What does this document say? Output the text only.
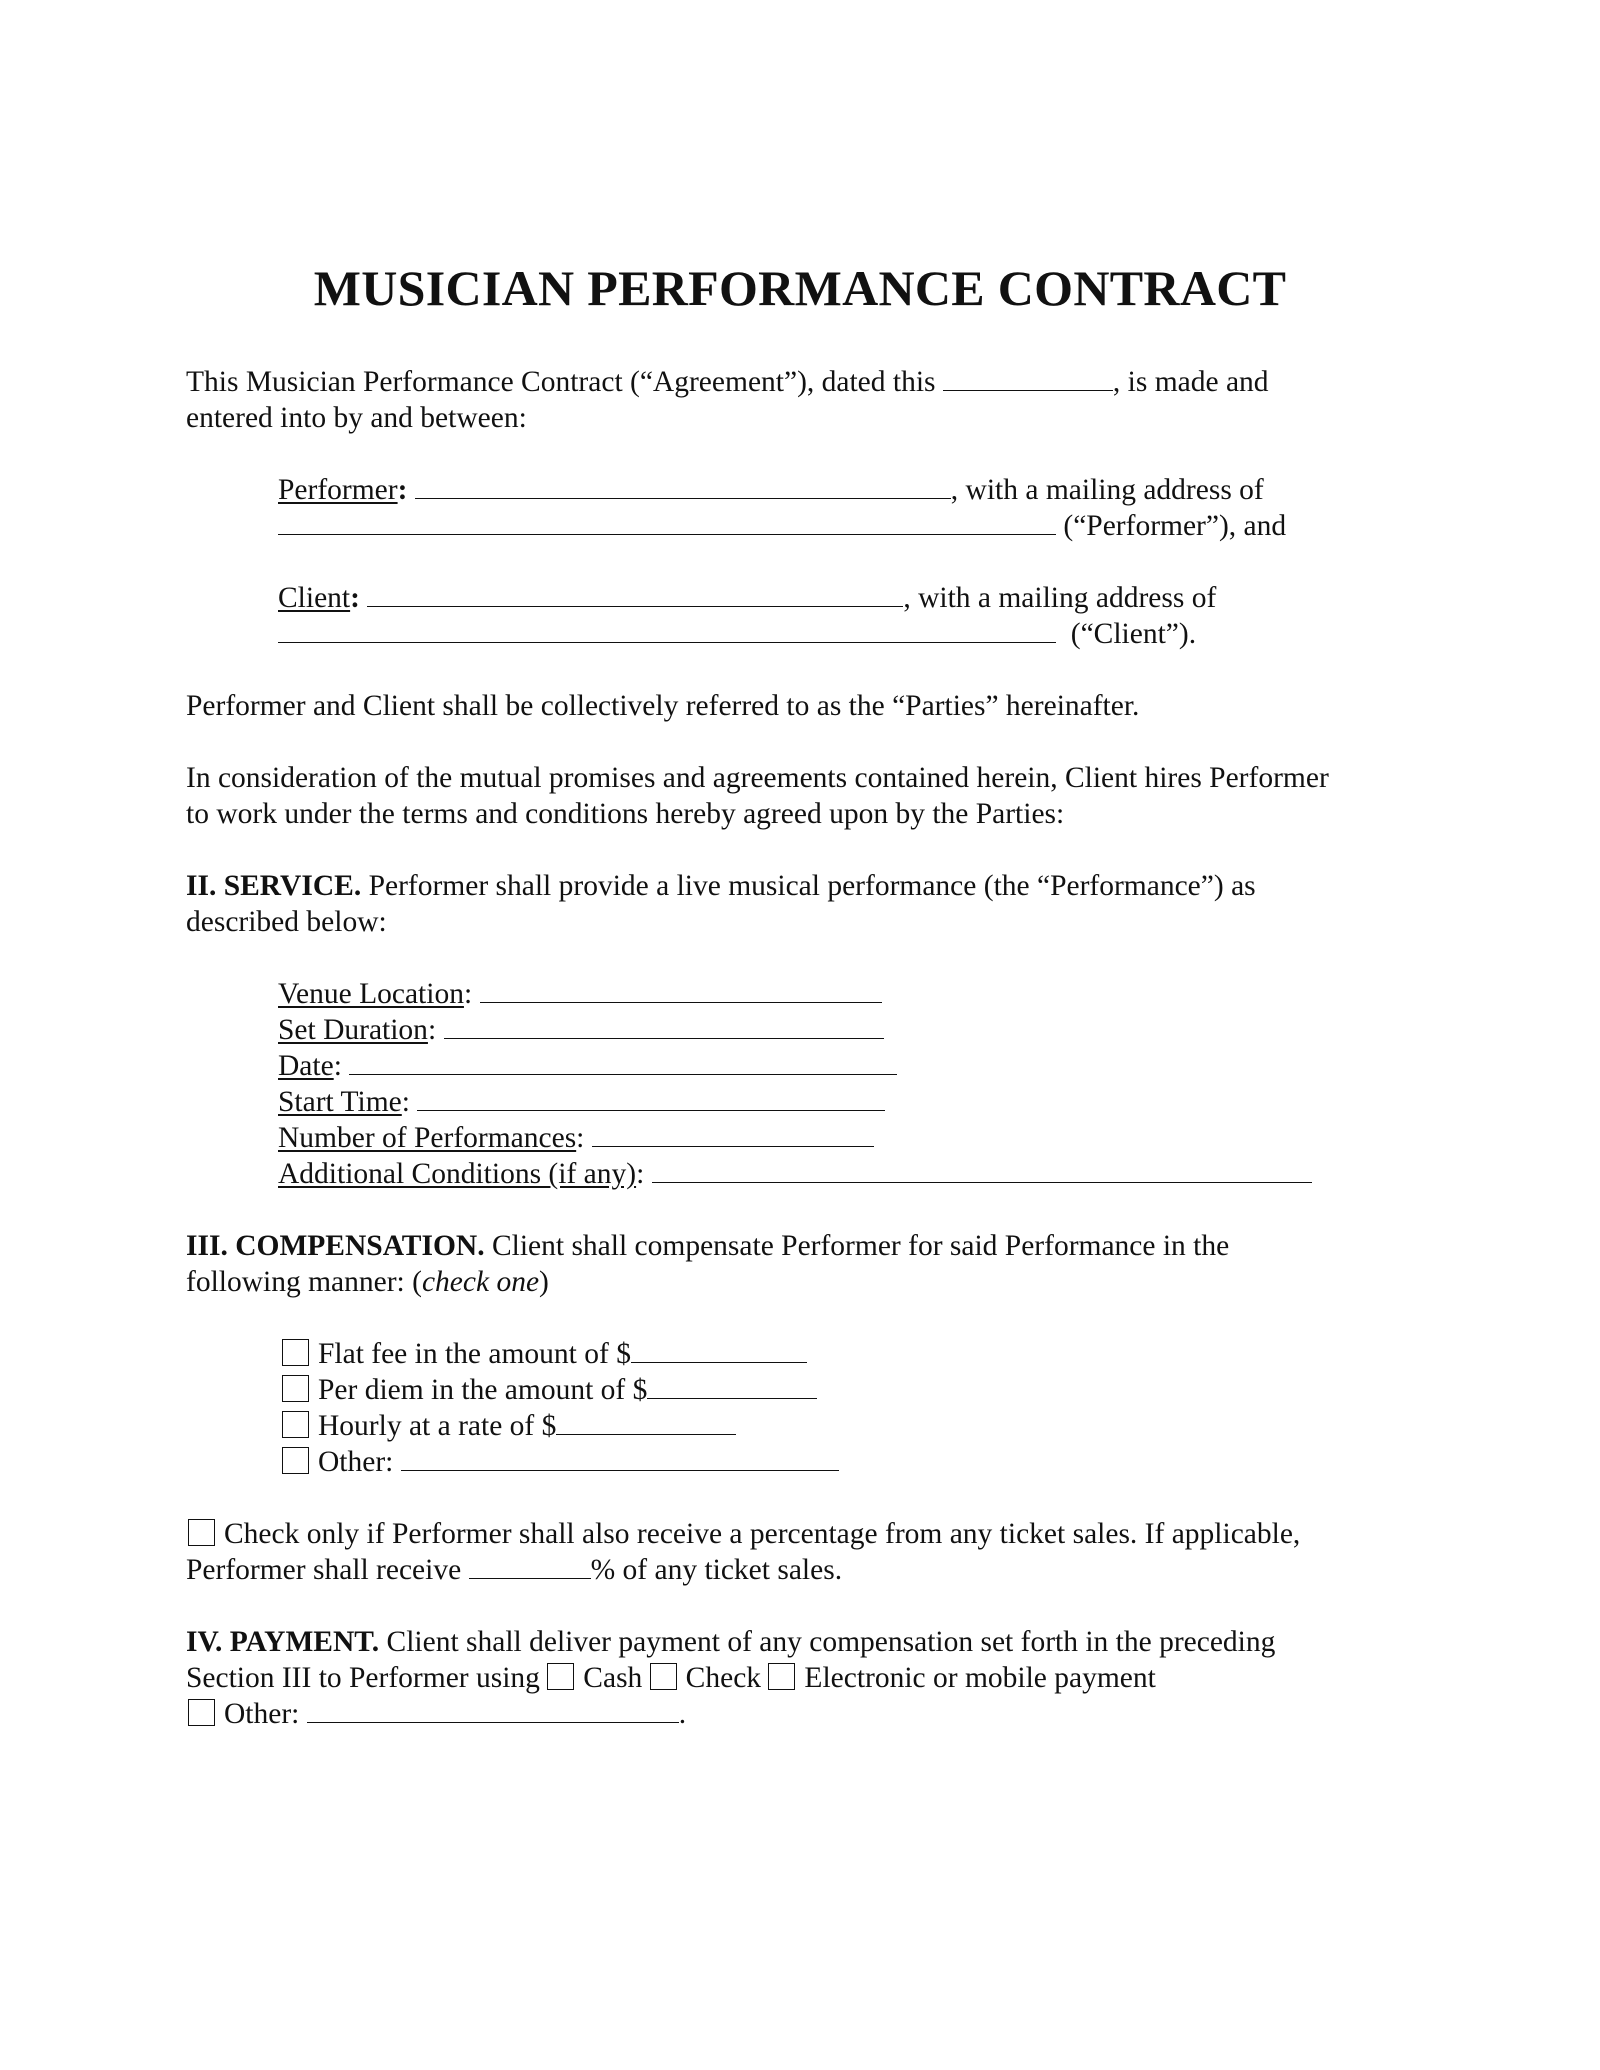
MUSICIAN PERFORMANCE CONTRACT

This Musician Performance Contract (“Agreement”), dated this	, is made and

entered into by and between:

Performer:	, with a mailing address of

(“Performer”), and

Client:	, with a mailing address of

(“Client”).

Performer and Client shall be collectively referred to as the “Parties” hereinafter.

In consideration of the mutual promises and agreements contained herein, Client hires Performer

to work under the terms and conditions hereby agreed upon by the Parties:

II. SERVICE. Performer shall provide a live musical performance (the “Performance”) as

described below:

Venue Location:

Set Duration:

Date:

Start Time:

Number of Performances:

Additional Conditions (if any):

III. COMPENSATION. Client shall compensate Performer for said Performance in the

following manner: (check one)

Flat fee in the amount of $

Per diem in the amount of $

Hourly at a rate of $

Other:

Check only if Performer shall also receive a percentage from any ticket sales. If applicable,

Performer shall receive	% of any ticket sales.

IV. PAYMENT. Client shall deliver payment of any compensation set forth in the preceding

Section III to Performer using Cash Check Electronic or mobile payment

Other:	.
